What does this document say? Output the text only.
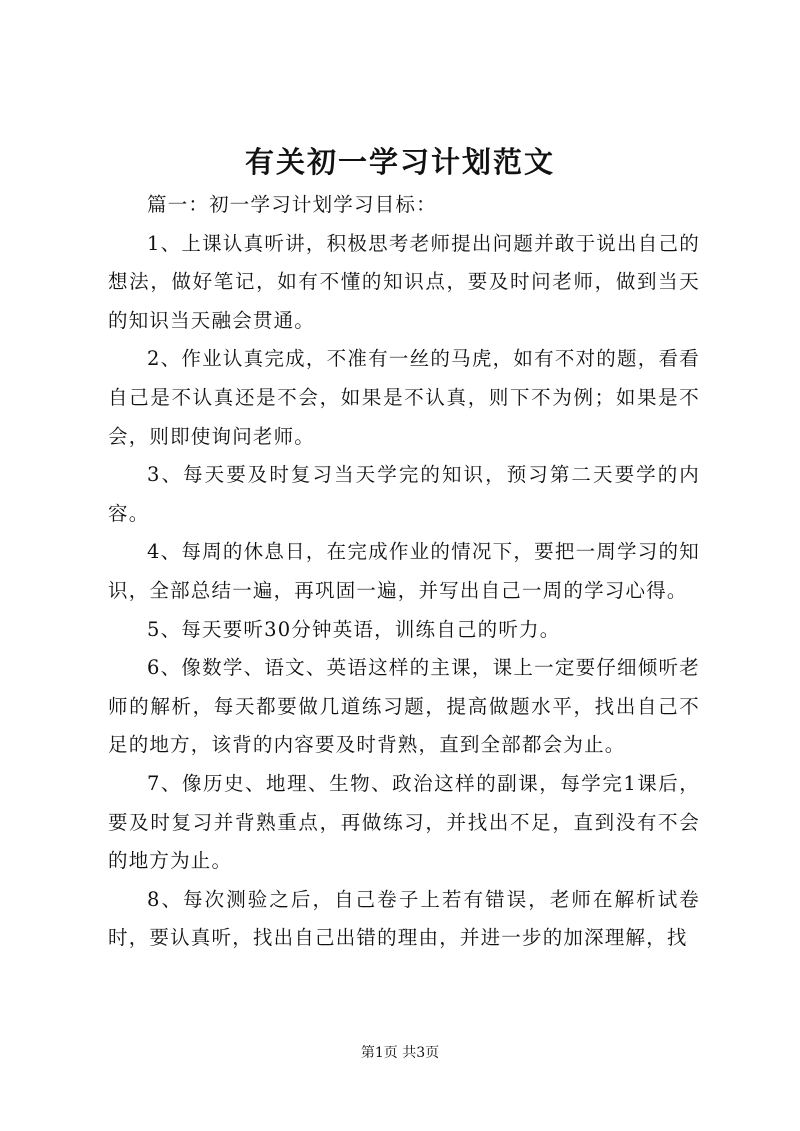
有关初一学习计划范文

篇一：初一学习计划学习目标：

1、上课认真听讲，积极思考老师提出问题并敢于说出自己的想法，做好笔记，如有不懂的知识点，要及时问老师，做到当天的知识当天融会贯通。

2、作业认真完成，不准有一丝的马虎，如有不对的题，看看自己是不认真还是不会，如果是不认真，则下不为例；如果是不会，则即使询问老师。

3、每天要及时复习当天学完的知识，预习第二天要学的内容。

4、每周的休息日，在完成作业的情况下，要把一周学习的知识，全部总结一遍，再巩固一遍，并写出自己一周的学习心得。

5、每天要听30分钟英语，训练自己的听力。

6、像数学、语文、英语这样的主课，课上一定要仔细倾听老师的解析，每天都要做几道练习题，提高做题水平，找出自己不足的地方，该背的内容要及时背熟，直到全部都会为止。

7、像历史、地理、生物、政治这样的副课，每学完1课后，要及时复习并背熟重点，再做练习，并找出不足，直到没有不会的地方为止。

8、每次测验之后，自己卷子上若有错误，老师在解析试卷时，要认真听，找出自己出错的理由，并进一步的加深理解，找

第1页 共3页
